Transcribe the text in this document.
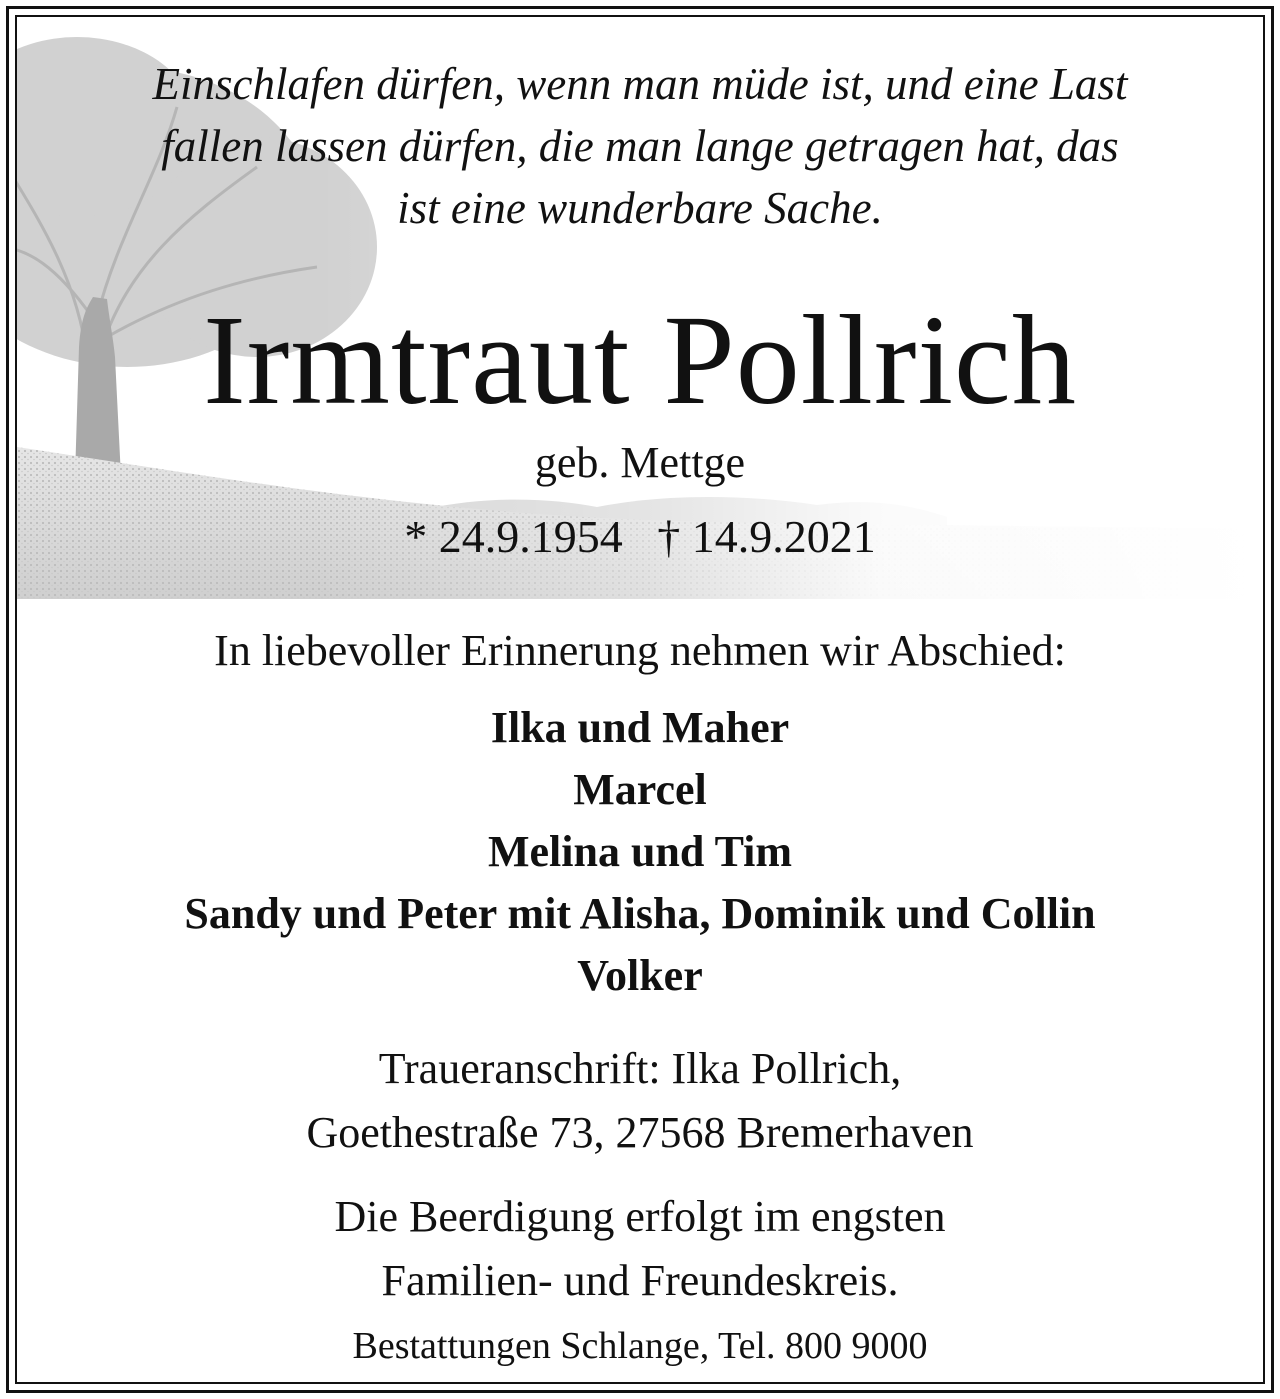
Einschlafen dürfen, wenn man müde ist, und eine Last
fallen lassen dürfen, die man lange getragen hat, das
ist eine wunderbare Sache.
Irmtraut Pollrich
geb. Mettge
* 24.9.1954   † 14.9.2021
In liebevoller Erinnerung nehmen wir Abschied:
Ilka und Maher
Marcel
Melina und Tim
Sandy und Peter mit Alisha, Dominik und Collin
Volker
Traueranschrift: Ilka Pollrich,
Goethestraße 73, 27568 Bremerhaven
Die Beerdigung erfolgt im engsten
Familien- und Freundeskreis.
Bestattungen Schlange, Tel. 800 9000
